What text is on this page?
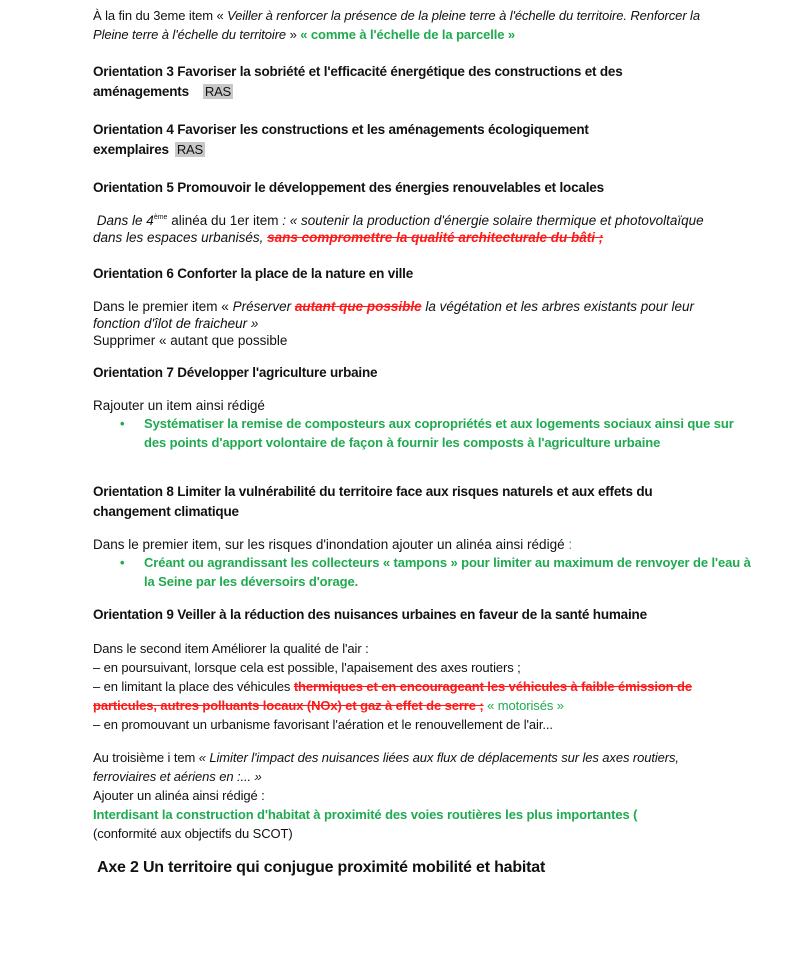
À la fin du 3eme item « Veiller à renforcer la présence de la pleine terre à l'échelle du territoire. Renforcer la Pleine terre à l'échelle du territoire » « comme à l'échelle de la parcelle »
Orientation 3 Favoriser la sobriété et l'efficacité énergétique des constructions et des aménagements RAS
Orientation 4 Favoriser les constructions et les aménagements écologiquement exemplaires RAS
Orientation 5 Promouvoir le développement des énergies renouvelables et locales
Dans le 4ème alinéa du 1er item : « soutenir la production d'énergie solaire thermique et photovoltaïque dans les espaces urbanisés, sans compromettre la qualité architecturale du bâti ;
Orientation 6 Conforter la place de la nature en ville
Dans le premier item « Préserver autant que possible la végétation et les arbres existants pour leur fonction d'îlot de fraicheur »
Supprimer « autant que possible
Orientation 7 Développer l'agriculture urbaine
Rajouter un item ainsi rédigé
• Systématiser la remise de composteurs aux copropriétés et aux logements sociaux ainsi que sur des points d'apport volontaire de façon à fournir les composts à l'agriculture urbaine
Orientation 8 Limiter la vulnérabilité du territoire face aux risques naturels et aux effets du changement climatique
Dans le premier item, sur les risques d'inondation ajouter un alinéa ainsi rédigé :
• Créant ou agrandissant les collecteurs « tampons » pour limiter au maximum de renvoyer de l'eau à la Seine par les déversoirs d'orage.
Orientation 9 Veiller à la réduction des nuisances urbaines en faveur de la santé humaine
Dans le second item Améliorer la qualité de l'air :
– en poursuivant, lorsque cela est possible, l'apaisement des axes routiers ;
– en limitant la place des véhicules thermiques et en encourageant les véhicules à faible émission de particules, autres polluants locaux (NOx) et gaz à effet de serre ; « motorisés »
– en promouvant un urbanisme favorisant l'aération et le renouvellement de l'air...
Au troisième i tem « Limiter l'impact des nuisances liées aux flux de déplacements sur les axes routiers, ferroviaires et aériens en :... »
Ajouter un alinéa ainsi rédigé :
Interdisant la construction d'habitat à proximité des voies routières les plus importantes (
(conformité aux objectifs du SCOT)
Axe 2 Un territoire qui conjugue proximité mobilité et habitat
